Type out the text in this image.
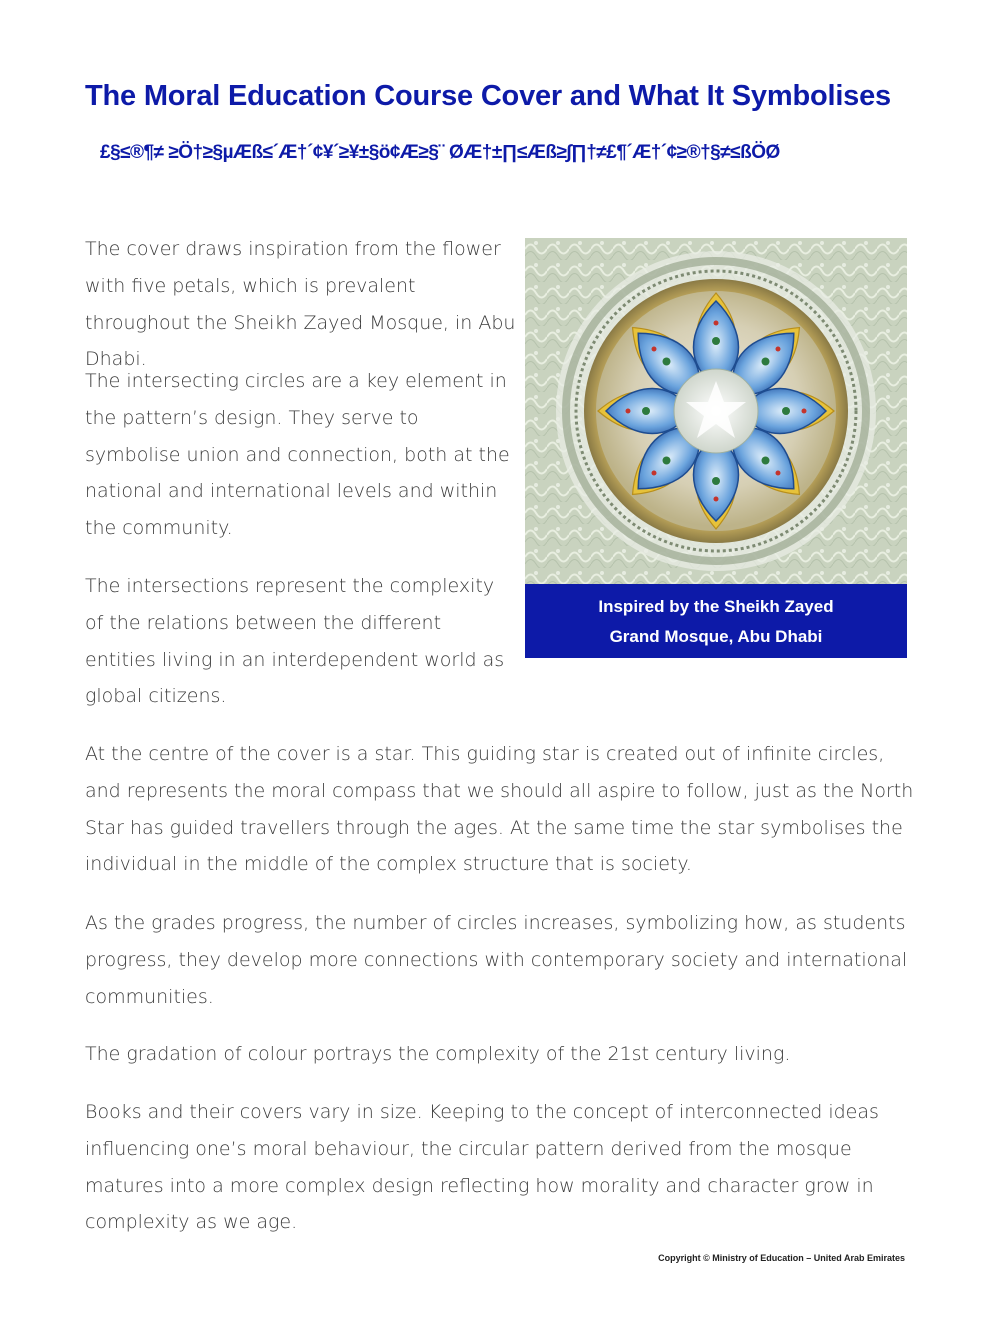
The Moral Education Course Cover and What It Symbolises
£§≤®¶≠ ≥Ö†≥§µÆß≤´Æ†´¢¥´≥¥±§ö¢Æ≥§¨ ØÆ†±∏≤Æß≥∫∏†≠£¶´Æ†´¢≥®†§≠≤ßÖØ

The cover draws inspiration from the flower with five petals, which is prevalent throughout the Sheikh Zayed Mosque, in Abu Dhabi.

The intersecting circles are a key element in the pattern’s design. They serve to symbolise union and connection, both at the national and international levels and within the community.

The intersections represent the complexity of the relations between the different entities living in an interdependent world as global citizens.

Inspired by the Sheikh Zayed
Grand Mosque, Abu Dhabi

At the centre of the cover is a star. This guiding star is created out of infinite circles, and represents the moral compass that we should all aspire to follow, just as the North Star has guided travellers through the ages. At the same time the star symbolises the individual in the middle of the complex structure that is society.

As the grades progress, the number of circles increases, symbolizing how, as students progress, they develop more connections with contemporary society and international communities.

The gradation of colour portrays the complexity of the 21st century living.

Books and their covers vary in size. Keeping to the concept of interconnected ideas influencing one’s moral behaviour, the circular pattern derived from the mosque matures into a more complex design reflecting how morality and character grow in complexity as we age.

Copyright © Ministry of Education – United Arab Emirates
